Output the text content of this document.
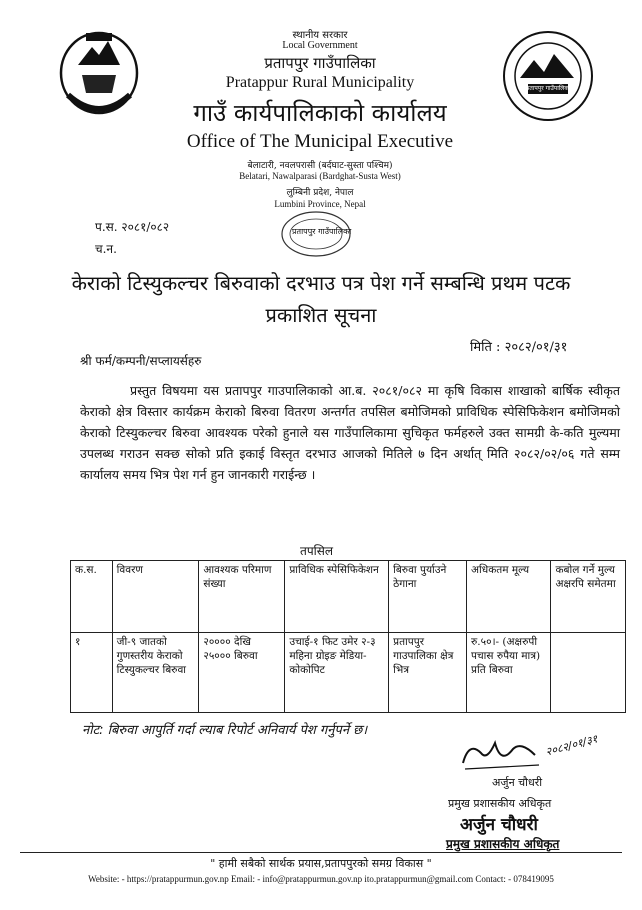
प्रतापपुर गाउँपालिका
स्थानीय सरकार
Local Government
प्रतापपुर गाउँपालिका
Pratappur Rural Municipality
गाउँ कार्यपालिकाको कार्यालय
Office of The Municipal Executive
बेलाटारी, नवलपरासी (बर्दघाट-सुस्ता पश्चिम)
Belatari, Nawalparasi (Bardghat-Susta West)
लुम्बिनी प्रदेश, नेपाल
Lumbini Province, Nepal
प.स. २०८१/०८२
च.न.
प्रतापपुर गाउँपालिका
केराको टिस्युकल्चर बिरुवाको दरभाउ पत्र पेश गर्ने सम्बन्धि प्रथम पटक
प्रकाशित सूचना
मिति : २०८२/०१/३१
श्री फर्म/कम्पनी/सप्लायर्सहरु
प्रस्तुत विषयमा यस प्रतापपुर गाउपालिकाको आ.ब. २०८१/०८२ मा कृषि विकास शाखाको बार्षिक स्वीकृत केराको क्षेत्र विस्तार कार्यक्रम केराको बिरुवा वितरण अन्तर्गत तपसिल बमोजिमको प्राविधिक स्पेसिफिकेशन बमोजिमको केराको टिस्युकल्चर बिरुवा आवश्यक परेको हुनाले यस गाउँपालिकामा सुचिकृत फर्महरुले उक्त सामग्री के-कति मुल्यमा उपलब्ध गराउन सक्छ सोको प्रति इकाई विस्तृत दरभाउ आजको मितिले ७ दिन अर्थात् मिति २०८२/०२/०६ गते सम्म कार्यालय समय भित्र पेश गर्न हुन जानकारी गराईन्छ ।
तपसिल
क.स.	विवरण	आवश्यक परिमाण संख्या	प्राविधिक स्पेसिफिकेशन	बिरुवा पुर्याउने ठेगाना	अधिकतम मूल्य	कबोल गर्ने मुल्य अक्षरपि समेतमा
१	जी-९ जातको गुणस्तरीय केराको टिस्युकल्चर बिरुवा	२०००० देखि २५००० बिरुवा	उचाई-१ फिट उमेर २-३ महिना ग्रोइङ मेडिया-कोकोपिट	प्रतापपुर गाउपालिका क्षेत्र भित्र	रु.५०।- (अक्षरुपी पचास रुपैया मात्र) प्रति बिरुवा	
नोट: बिरुवा आपुर्ति गर्दा ल्याब रिपोर्ट अनिवार्य पेश गर्नुपर्ने छ।
२०८२/०१/३१
अर्जुन चौधरी
प्रमुख प्रशासकीय अधिकृत
अर्जुन चौधरी
प्रमुख प्रशासकीय अधिकृत
" हामी सबैको सार्थक प्रयास,प्रतापपुरको समग्र विकास "
Website: - https://pratappurmun.gov.np Email: - info@pratappurmun.gov.np ito.pratappurmun@gmail.com Contact: - 078419095
